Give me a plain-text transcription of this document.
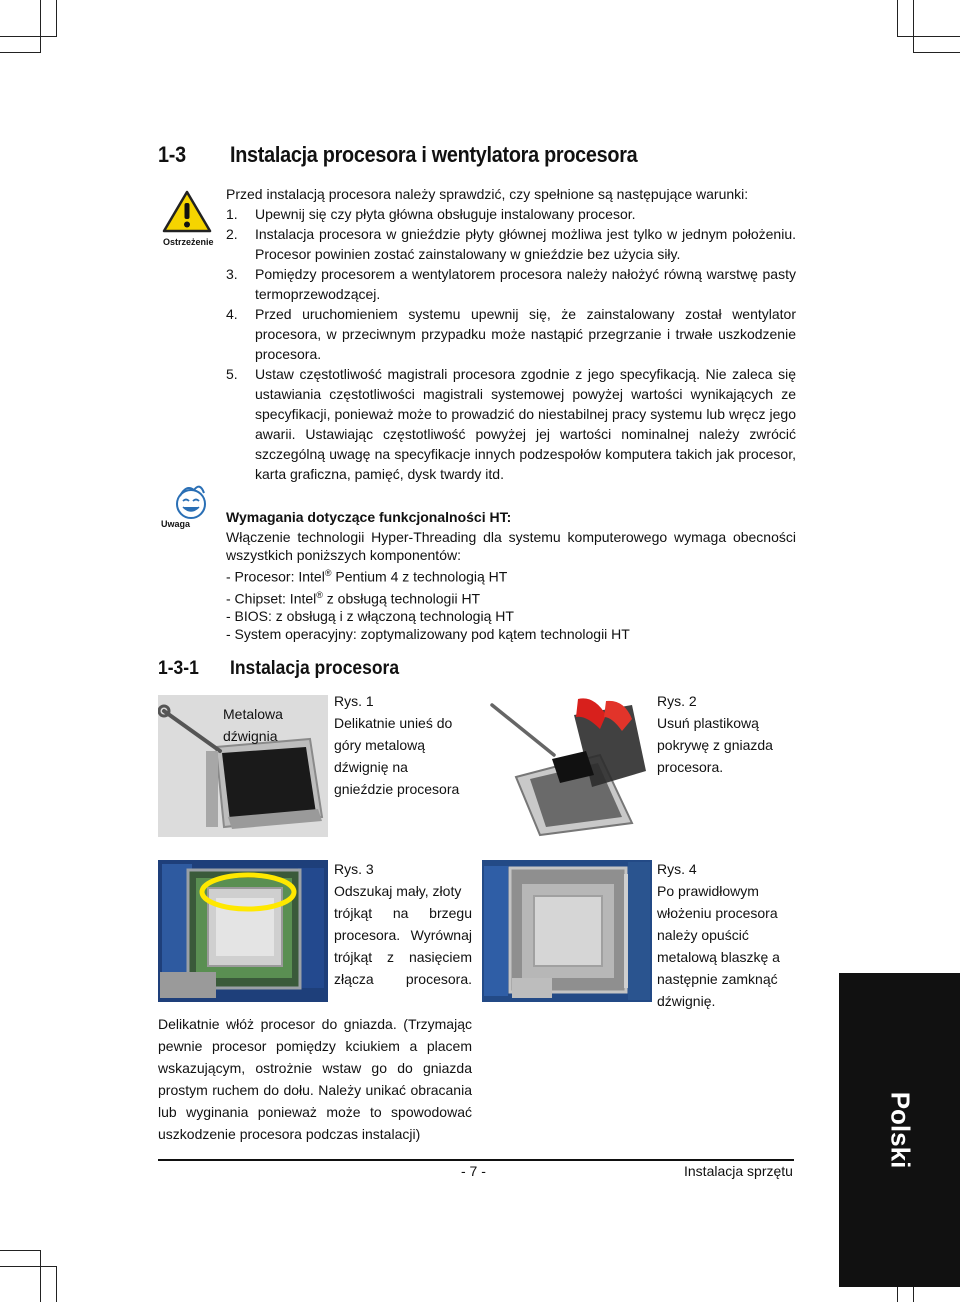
1-3 Instalacja procesora i wentylatora procesora
Ostrzeżenie

Przed instalacją procesora należy sprawdzić, czy spełnione są następujące warunki:

1. Upewnij się czy płyta główna obsługuje instalowany procesor.
2. Instalacja procesora w gnieździe płyty głównej możliwa jest tylko w jednym położeniu. Procesor powinien zostać zainstalowany w gnieździe bez użycia siły.
3. Pomiędzy procesorem a wentylatorem procesora należy nałożyć równą warstwę pasty termoprzewodzącej.
4. Przed uruchomieniem systemu upewnij się, że zainstalowany został wentylator procesora, w przeciwnym przypadku może nastąpić przegrzanie i trwałe uszkodzenie procesora.
5. Ustaw częstotliwość magistrali procesora zgodnie z jego specyfikacją. Nie zaleca się ustawiania częstotliwości magistrali systemowej powyżej wartości wynikających ze specyfikacji, ponieważ może to prowadzić do niestabilnej pracy systemu lub wręcz jego awarii. Ustawiając częstotliwość powyżej jej wartości nominalnej należy zwrócić szczególną uwagę na specyfikacje innych podzespołów komputera takich jak procesor, karta graficzna, pamięć, dysk twardy itd.
Uwaga	Wymagania dotyczące funkcjonalności HT:
Włączenie technologii Hyper-Threading dla systemu komputerowego wymaga obecności wszystkich poniższych komponentów:
- Procesor: Intel® Pentium 4 z technologią HT
- Chipset: Intel® z obsługą technologii HT
- BIOS: z obsługą i z włączoną technologią HT
- System operacyjny: zoptymalizowany pod kątem technologii HT
1-3-1 Instalacja procesora
Metalowa
dźwignia
Rys. 1
Delikatnie unieś do
góry metalową
dźwignię na
gnieździe procesora
Rys. 2
Usuń plastikową
pokrywę z gniazda
procesora.
Rys. 3
Odszukaj mały, złoty
trójkąt na brzegu
procesora. Wyrównaj
trójkąt z nasięciem
złącza procesora.
Rys. 4
Po prawidłowym
włożeniu procesora
należy opuścić
metalową blaszkę a
następnie zamknąć
dźwignię.
Delikatnie włóż procesor do gniazda. (Trzymając pewnie procesor pomiędzy kciukiem a placem wskazującym, ostrożnie wstaw go do gniazda prostym ruchem do dołu. Należy unikać obracania lub wyginania ponieważ może to spowodować uszkodzenie procesora podczas instalacji)
- 7 -	Instalacja sprzętu
Polski
